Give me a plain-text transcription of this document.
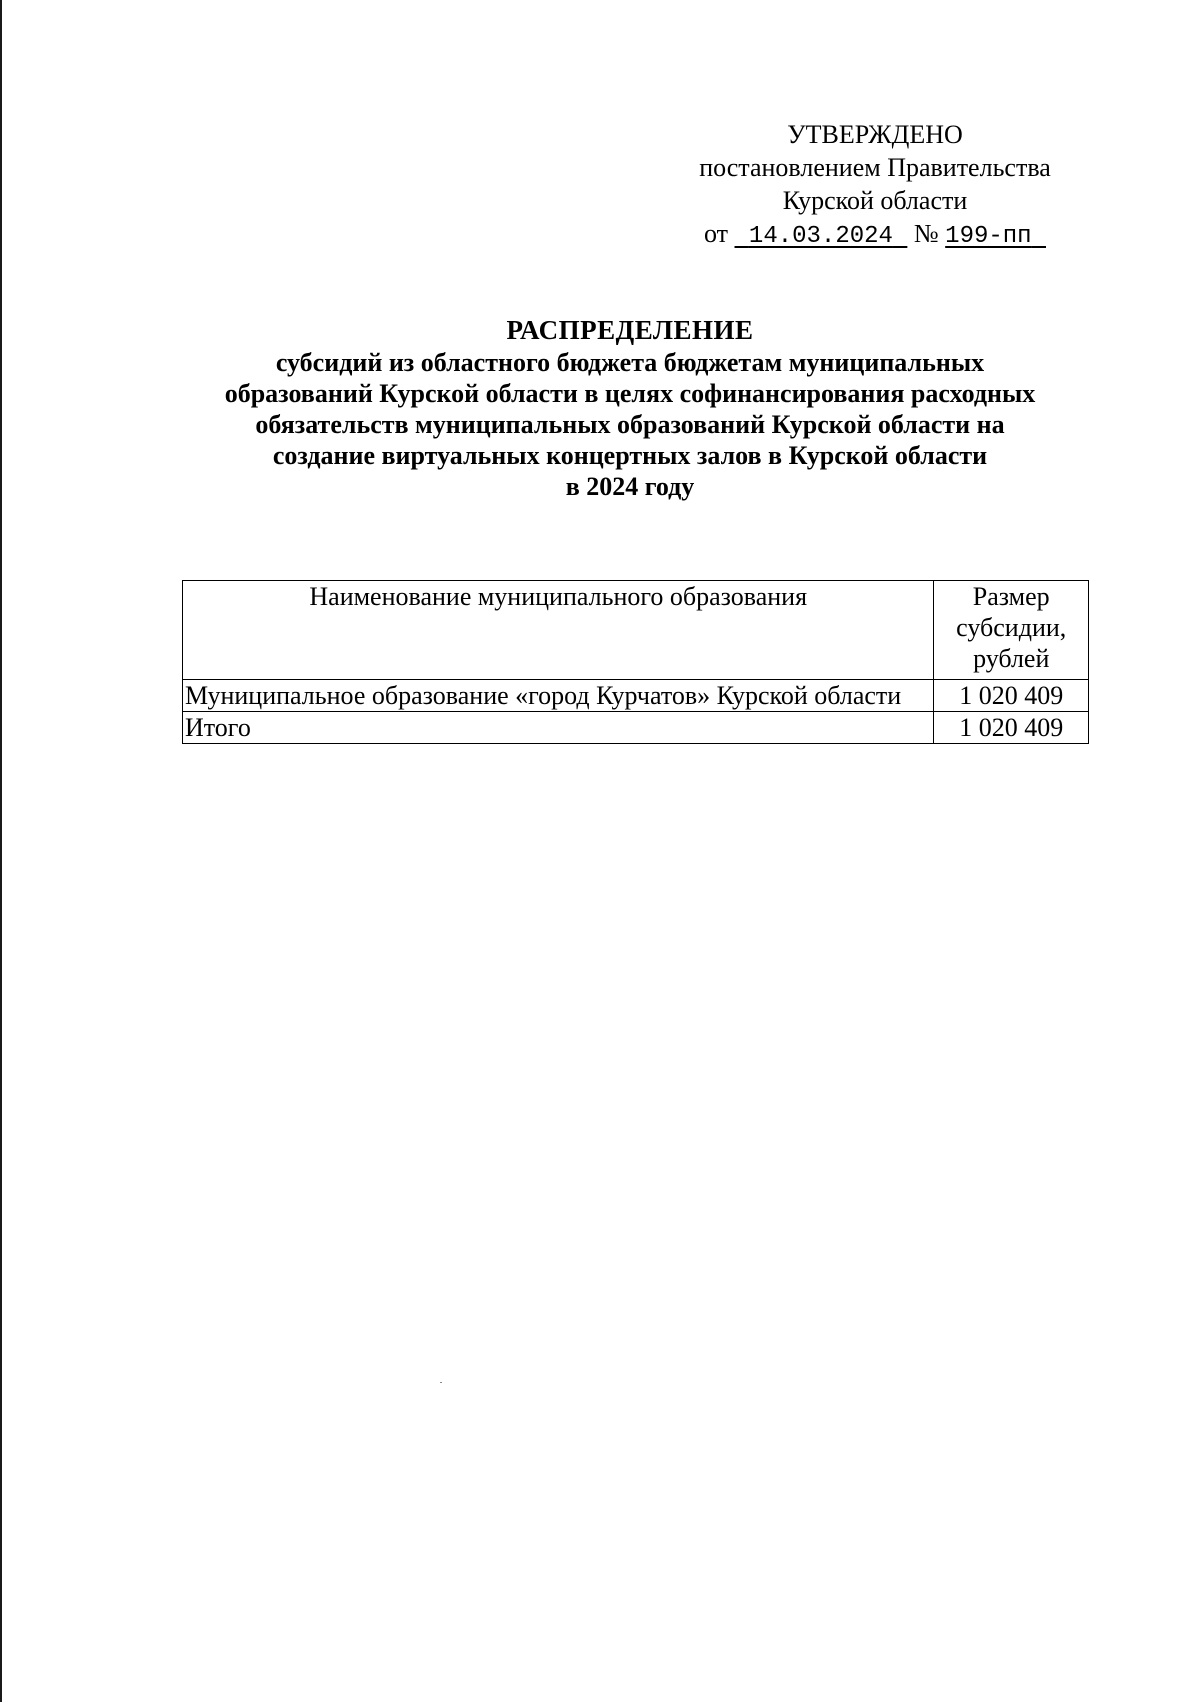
УТВЕРЖДЕНО
постановлением Правительства
Курской области
от 14.03.2024 № 199-пп
РАСПРЕДЕЛЕНИЕ
субсидий из областного бюджета бюджетам муниципальных
образований Курской области в целях софинансирования расходных
обязательств муниципальных образований Курской области на
создание виртуальных концертных залов в Курской области
в 2024 году
Наименование муниципального образования	Размер субсидии, рублей
Муниципальное образование «город Курчатов» Курской области	1 020 409
Итого	1 020 409
